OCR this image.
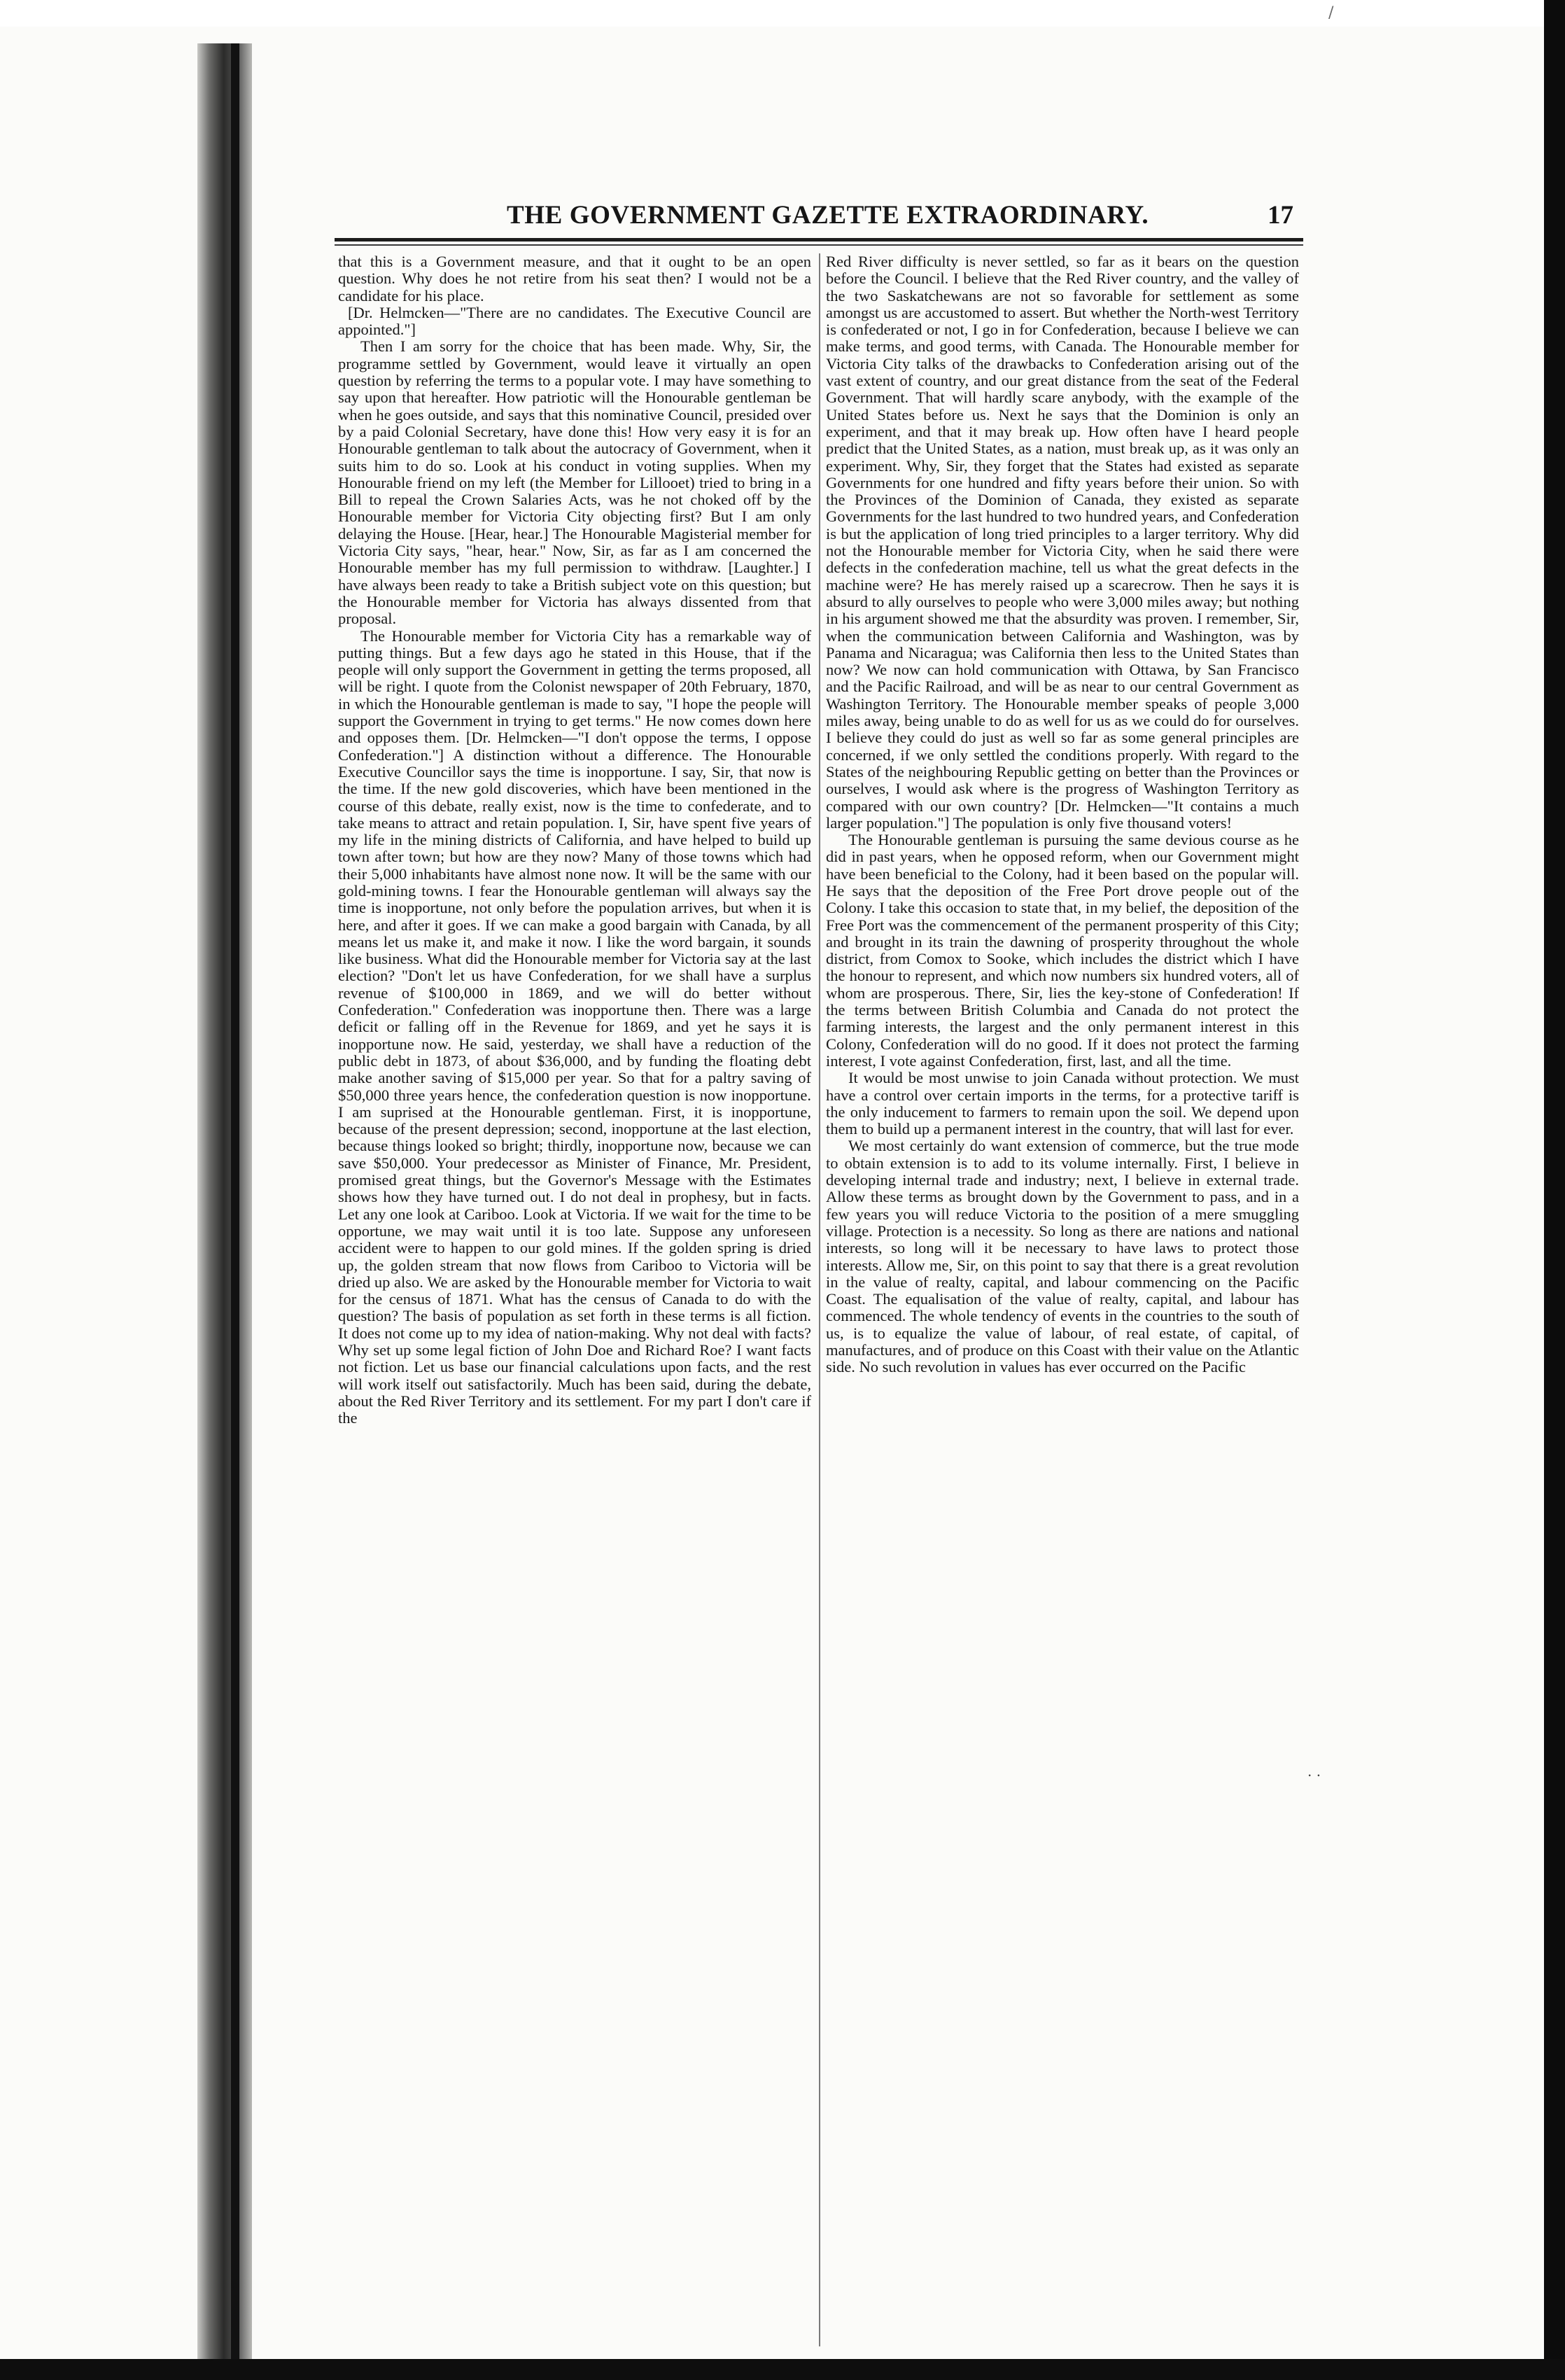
THE GOVERNMENT GAZETTE EXTRAORDINARY.	17

that this is a Government measure, and that it ought to be an open question. Why does he not retire from his seat then? I would not be a candidate for his place.

[Dr. Helmcken—"There are no candidates. The Executive Council are appointed."]

Then I am sorry for the choice that has been made. Why, Sir, the programme settled by Government, would leave it virtually an open question by referring the terms to a popular vote. I may have something to say upon that hereafter. How patriotic will the Honourable gentleman be when he goes outside, and says that this nominative Council, presided over by a paid Colonial Secretary, have done this! How very easy it is for an Honourable gentleman to talk about the autocracy of Government, when it suits him to do so. Look at his conduct in voting supplies. When my Honourable friend on my left (the Member for Lillooet) tried to bring in a Bill to repeal the Crown Salaries Acts, was he not choked off by the Honourable member for Victoria City objecting first? But I am only delaying the House. [Hear, hear.] The Honourable Magisterial member for Victoria City says, "hear, hear." Now, Sir, as far as I am concerned the Honourable member has my full permission to withdraw. [Laughter.] I have always been ready to take a British subject vote on this question; but the Honourable member for Victoria has always dissented from that proposal.

The Honourable member for Victoria City has a remarkable way of putting things. But a few days ago he stated in this House, that if the people will only support the Government in getting the terms proposed, all will be right. I quote from the Colonist newspaper of 20th February, 1870, in which the Honourable gentleman is made to say, "I hope the people will support the Government in trying to get terms." He now comes down here and opposes them. [Dr. Helmcken—"I don't oppose the terms, I oppose Confederation."] A distinction without a difference. The Honourable Executive Councillor says the time is inopportune. I say, Sir, that now is the time. If the new gold discoveries, which have been mentioned in the course of this debate, really exist, now is the time to confederate, and to take means to attract and retain population. I, Sir, have spent five years of my life in the mining districts of California, and have helped to build up town after town; but how are they now? Many of those towns which had their 5,000 inhabitants have almost none now. It will be the same with our gold-mining towns. I fear the Honourable gentleman will always say the time is inopportune, not only before the population arrives, but when it is here, and after it goes. If we can make a good bargain with Canada, by all means let us make it, and make it now. I like the word bargain, it sounds like business. What did the Honourable member for Victoria say at the last election? "Don't let us have Confederation, for we shall have a surplus revenue of $100,000 in 1869, and we will do better without Confederation." Confederation was inopportune then. There was a large deficit or falling off in the Revenue for 1869, and yet he says it is inopportune now. He said, yesterday, we shall have a reduction of the public debt in 1873, of about $36,000, and by funding the floating debt make another saving of $15,000 per year. So that for a paltry saving of $50,000 three years hence, the confederation question is now inopportune. I am suprised at the Honourable gentleman. First, it is inopportune, because of the present depression; second, inopportune at the last election, because things looked so bright; thirdly, inopportune now, because we can save $50,000. Your predecessor as Minister of Finance, Mr. President, promised great things, but the Governor's Message with the Estimates shows how they have turned out. I do not deal in prophesy, but in facts. Let any one look at Cariboo. Look at Victoria. If we wait for the time to be opportune, we may wait until it is too late. Suppose any unforeseen accident were to happen to our gold mines. If the golden spring is dried up, the golden stream that now flows from Cariboo to Victoria will be dried up also. We are asked by the Honourable member for Victoria to wait for the census of 1871. What has the census of Canada to do with the question? The basis of population as set forth in these terms is all fiction. It does not come up to my idea of nation-making. Why not deal with facts? Why set up some legal fiction of John Doe and Richard Roe? I want facts not fiction. Let us base our financial calculations upon facts, and the rest will work itself out satisfactorily. Much has been said, during the debate, about the Red River Territory and its settlement. For my part I don't care if the

Red River difficulty is never settled, so far as it bears on the question before the Council. I believe that the Red River country, and the valley of the two Saskatchewans are not so favorable for settlement as some amongst us are accustomed to assert. But whether the North-west Territory is confederated or not, I go in for Confederation, because I believe we can make terms, and good terms, with Canada. The Honourable member for Victoria City talks of the drawbacks to Confederation arising out of the vast extent of country, and our great distance from the seat of the Federal Government. That will hardly scare anybody, with the example of the United States before us. Next he says that the Dominion is only an experiment, and that it may break up. How often have I heard people predict that the United States, as a nation, must break up, as it was only an experiment. Why, Sir, they forget that the States had existed as separate Governments for one hundred and fifty years before their union. So with the Provinces of the Dominion of Canada, they existed as separate Governments for the last hundred to two hundred years, and Confederation is but the application of long tried principles to a larger territory. Why did not the Honourable member for Victoria City, when he said there were defects in the confederation machine, tell us what the great defects in the machine were? He has merely raised up a scarecrow. Then he says it is absurd to ally ourselves to people who were 3,000 miles away; but nothing in his argument showed me that the absurdity was proven. I remember, Sir, when the communication between California and Washington, was by Panama and Nicaragua; was California then less to the United States than now? We now can hold communication with Ottawa, by San Francisco and the Pacific Railroad, and will be as near to our central Government as Washington Territory. The Honourable member speaks of people 3,000 miles away, being unable to do as well for us as we could do for ourselves. I believe they could do just as well so far as some general principles are concerned, if we only settled the conditions properly. With regard to the States of the neighbouring Republic getting on better than the Provinces or ourselves, I would ask where is the progress of Washington Territory as compared with our own country? [Dr. Helmcken—"It contains a much larger population."] The population is only five thousand voters!

The Honourable gentleman is pursuing the same devious course as he did in past years, when he opposed reform, when our Government might have been beneficial to the Colony, had it been based on the popular will. He says that the deposition of the Free Port drove people out of the Colony. I take this occasion to state that, in my belief, the deposition of the Free Port was the commencement of the permanent prosperity of this City; and brought in its train the dawning of prosperity throughout the whole district, from Comox to Sooke, which includes the district which I have the honour to represent, and which now numbers six hundred voters, all of whom are prosperous. There, Sir, lies the key-stone of Confederation! If the terms between British Columbia and Canada do not protect the farming interests, the largest and the only permanent interest in this Colony, Confederation will do no good. If it does not protect the farming interest, I vote against Confederation, first, last, and all the time.

It would be most unwise to join Canada without protection. We must have a control over certain imports in the terms, for a protective tariff is the only inducement to farmers to remain upon the soil. We depend upon them to build up a permanent interest in the country, that will last for ever.

We most certainly do want extension of commerce, but the true mode to obtain extension is to add to its volume internally. First, I believe in developing internal trade and industry; next, I believe in external trade. Allow these terms as brought down by the Government to pass, and in a few years you will reduce Victoria to the position of a mere smuggling village. Protection is a necessity. So long as there are nations and national interests, so long will it be necessary to have laws to protect those interests. Allow me, Sir, on this point to say that there is a great revolution in the value of realty, capital, and labour commencing on the Pacific Coast. The equalisation of the value of realty, capital, and labour has commenced. The whole tendency of events in the countries to the south of us, is to equalize the value of labour, of real estate, of capital, of manufactures, and of produce on this Coast with their value on the Atlantic side. No such revolution in values has ever occurred on the Pacific

· ·
/
